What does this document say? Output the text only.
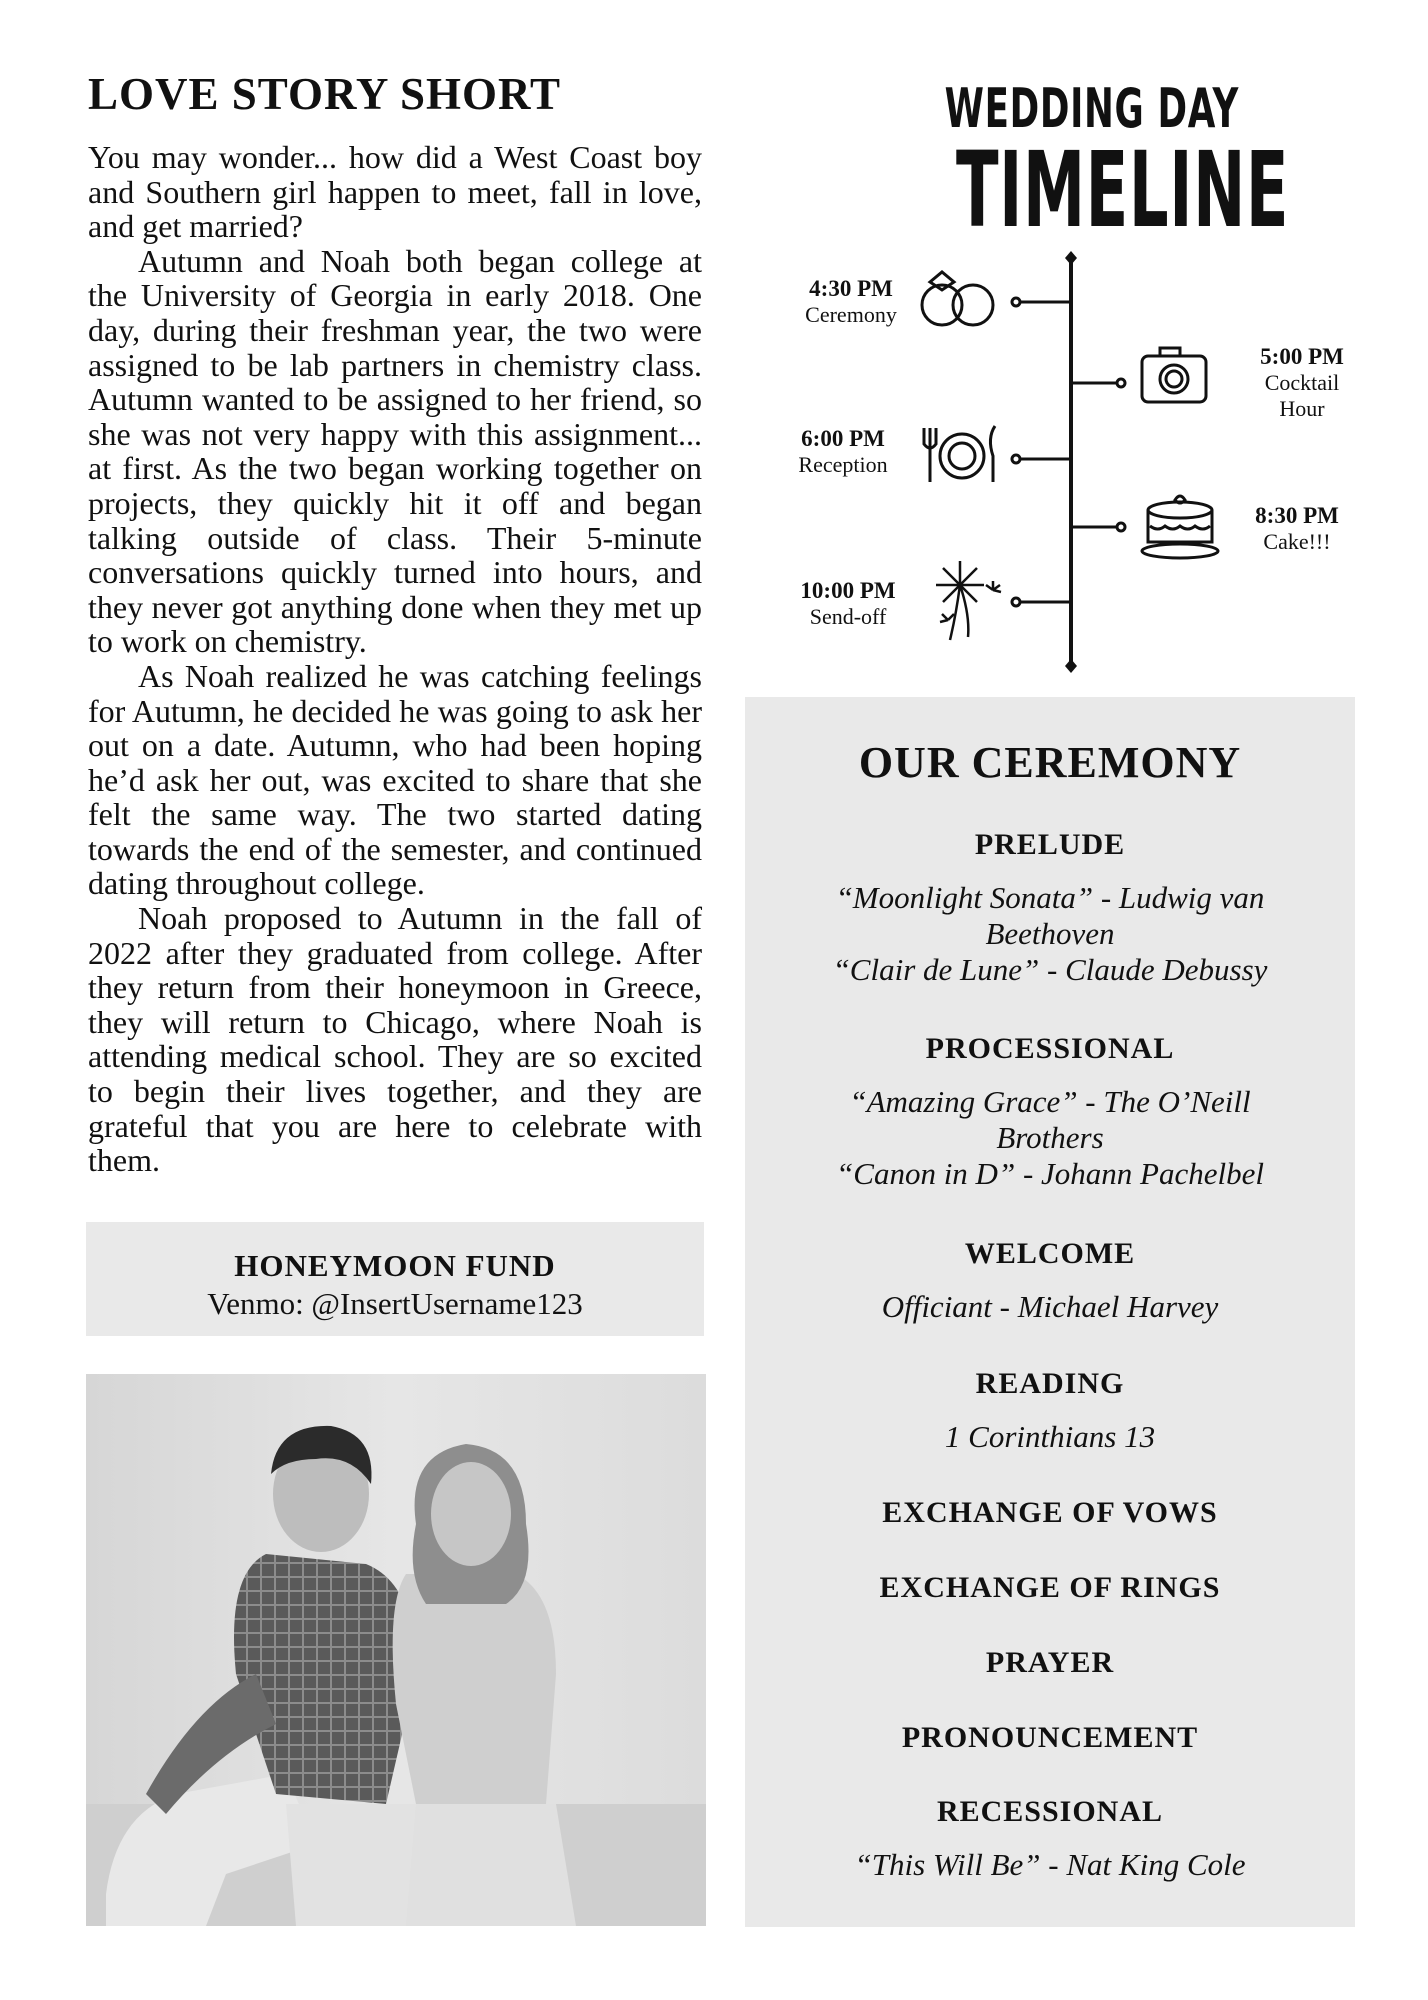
LOVE STORY SHORT

You may wonder... how did a West Coast boy and Southern girl happen to meet, fall in love, and get married?

Autumn and Noah both began college at the University of Georgia in early 2018. One day, during their freshman year, the two were assigned to be lab partners in chemistry class. Autumn wanted to be assigned to her friend, so she was not very happy with this assignment... at first. As the two began working together on projects, they quickly hit it off and began talking outside of class. Their 5-minute conversations quickly turned into hours, and they never got anything done when they met up to work on chemistry.

As Noah realized he was catching feelings for Autumn, he decided he was going to ask her out on a date. Autumn, who had been hoping he’d ask her out, was excited to share that she felt the same way. The two started dating towards the end of the semester, and continued dating throughout college.

Noah proposed to Autumn in the fall of 2022 after they graduated from college. After they return from their honeymoon in Greece, they will return to Chicago, where Noah is attending medical school. They are so excited to begin their lives together, and they are grateful that you are here to celebrate with them.

HONEYMOON FUND
Venmo: @InsertUsername123
WEDDING DAY
TIMELINE
4:30 PM
Ceremony
5:00 PM
Cocktail Hour
6:00 PM
Reception
8:30 PM
Cake!!!
10:00 PM
Send-off
OUR CEREMONY
PRELUDE
“Moonlight Sonata” - Ludwig van Beethoven
“Clair de Lune” - Claude Debussy
PROCESSIONAL
“Amazing Grace” - The O’Neill Brothers
“Canon in D” - Johann Pachelbel
WELCOME
Officiant - Michael Harvey
READING
1 Corinthians 13
EXCHANGE OF VOWS
EXCHANGE OF RINGS
PRAYER
PRONOUNCEMENT
RECESSIONAL
“This Will Be” - Nat King Cole
